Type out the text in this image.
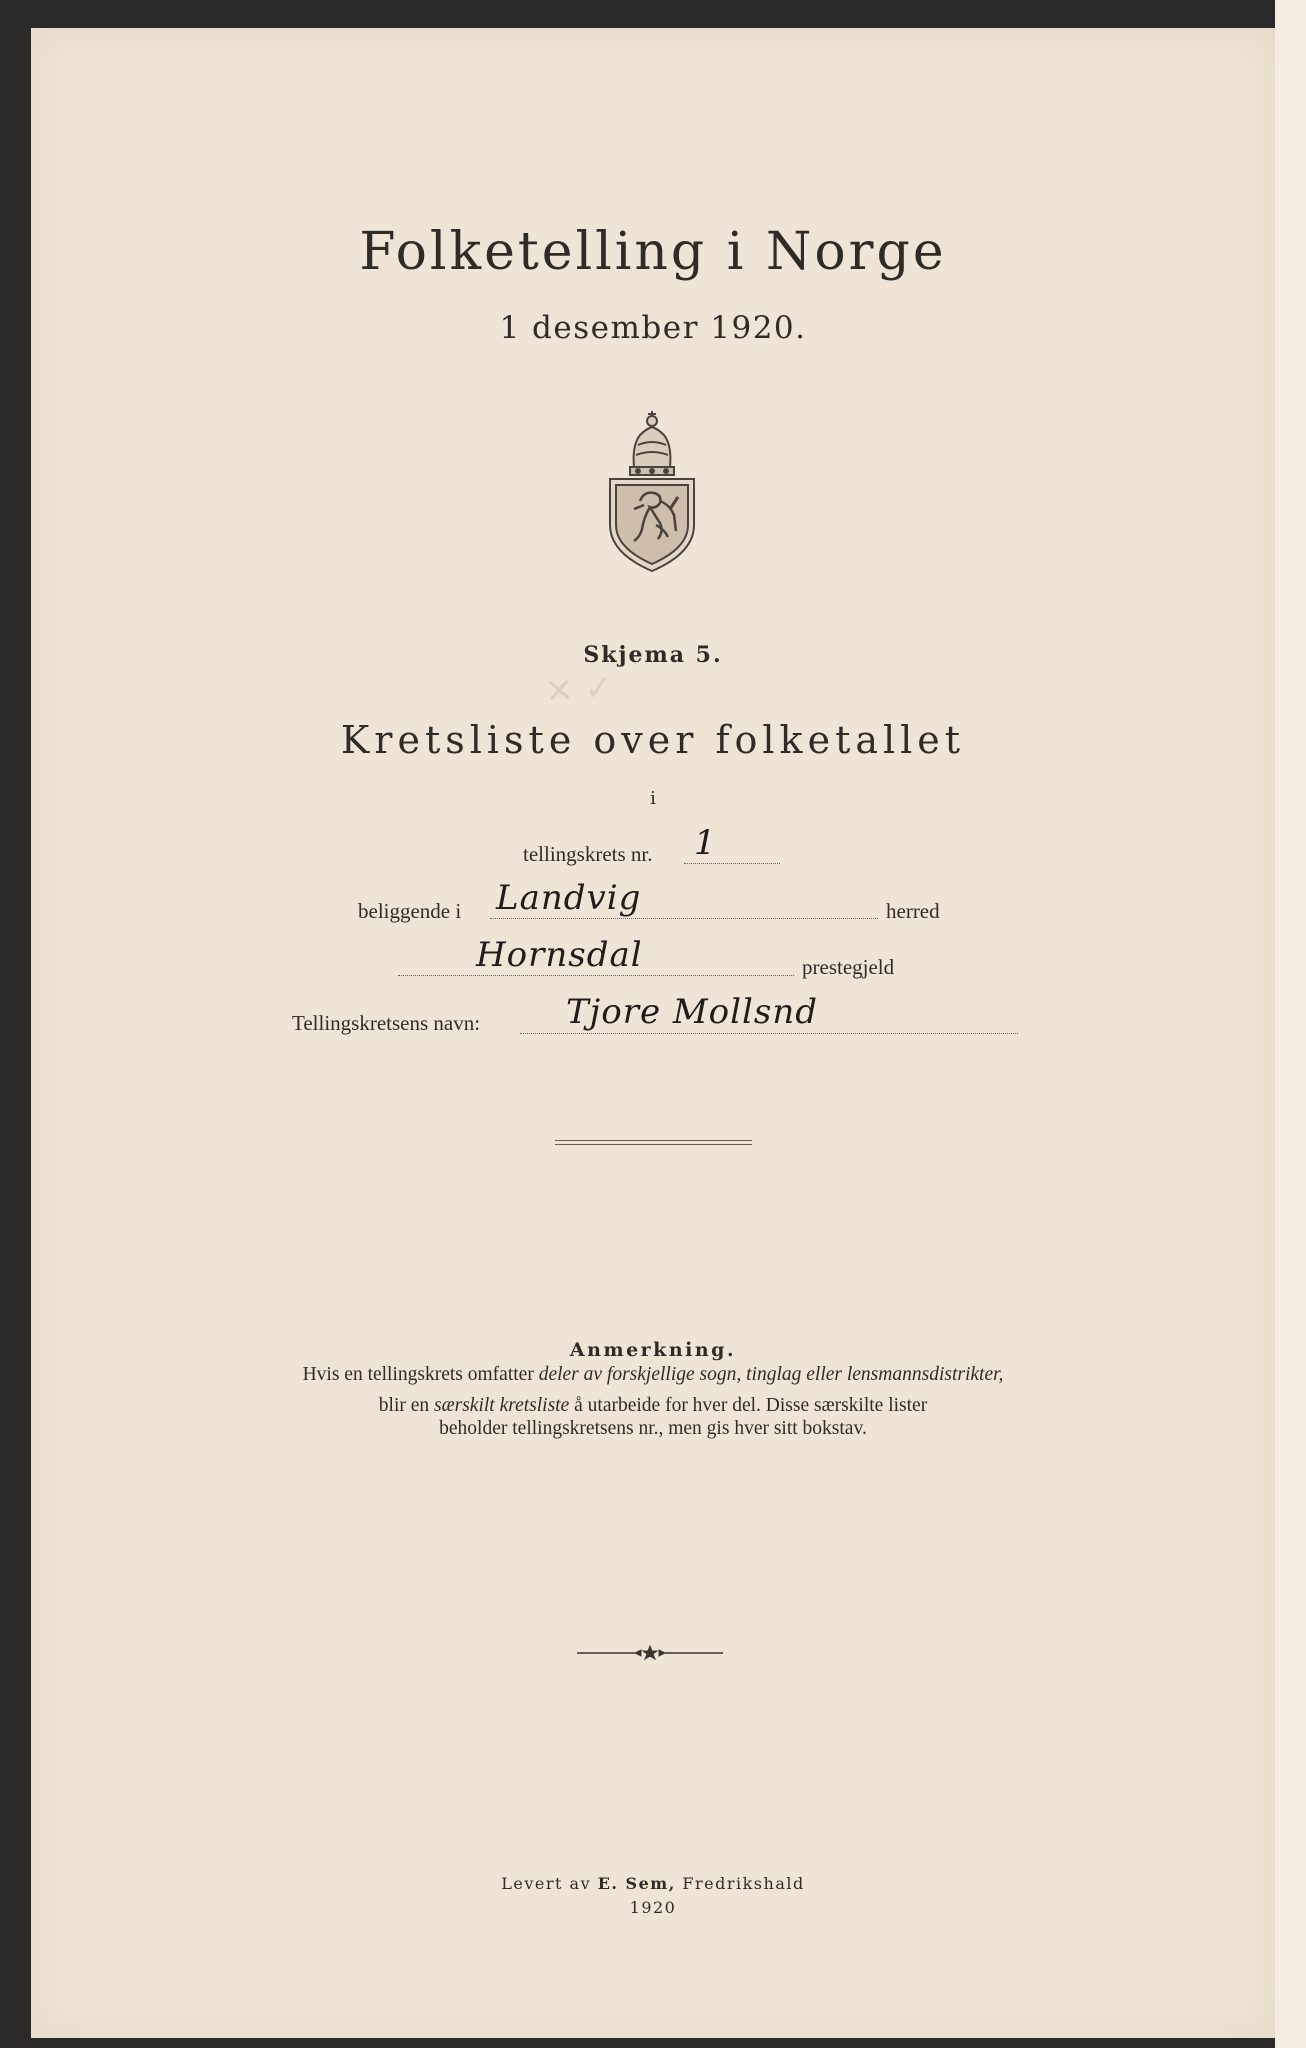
✕ ✓
Folketelling i Norge
1 desember 1920.
Skjema 5.
Kretsliste over folketallet
i
tellingskrets nr. 1
beliggende i Landvig	herred
Hornsdal	prestegjeld
Tellingskretsens navn:	Tjore Mollsnd
Anmerkning.
Hvis en tellingskrets omfatter deler av forskjellige sogn, tinglag eller lensmannsdistrikter,
blir en særskilt kretsliste å utarbeide for hver del. Disse særskilte lister
beholder tellingskretsens nr., men gis hver sitt bokstav.
Levert av E. Sem, Fredrikshald
1920
